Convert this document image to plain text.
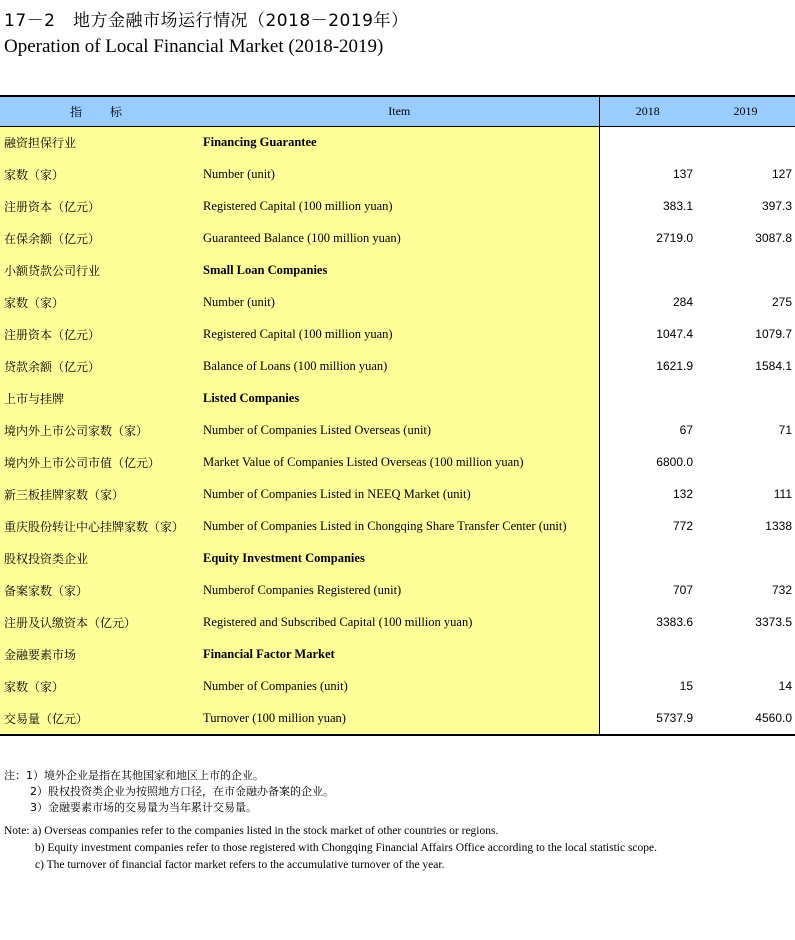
17－2　地方金融市场运行情况（2018－2019年）
Operation of Local Financial Market (2018-2019)
指　标	Item	2018	2019
融资担保行业	Financing Guarantee		
家数（家）	Number (unit)	137	127
注册资本（亿元）	Registered Capital (100 million yuan)	383.1	397.3
在保余额（亿元）	Guaranteed Balance (100 million yuan)	2719.0	3087.8
小额贷款公司行业	Small Loan Companies		
家数（家）	Number (unit)	284	275
注册资本（亿元）	Registered Capital (100 million yuan)	1047.4	1079.7
贷款余额（亿元）	Balance of Loans (100 million yuan)	1621.9	1584.1
上市与挂牌	Listed Companies		
境内外上市公司家数（家）	Number of Companies Listed Overseas (unit)	67	71
境内外上市公司市值（亿元）	Market Value of Companies Listed Overseas (100 million yuan)	6800.0	
新三板挂牌家数（家）	Number of Companies Listed in NEEQ Market (unit)	132	111
重庆股份转让中心挂牌家数（家）	Number of Companies Listed in Chongqing Share Transfer Center (unit)	772	1338
股权投资类企业	Equity Investment Companies		
备案家数（家）	Numberof Companies Registered (unit)	707	732
注册及认缴资本（亿元）	Registered and Subscribed Capital (100 million yuan)	3383.6	3373.5
金融要素市场	Financial Factor Market		
家数（家）	Number of Companies (unit)	15	14
交易量（亿元）	Turnover (100 million yuan)	5737.9	4560.0
注：1）境外企业是指在其他国家和地区上市的企业。
2）股权投资类企业为按照地方口径，在市金融办备案的企业。
3）金融要素市场的交易量为当年累计交易量。
Note: a) Overseas companies refer to the companies listed in the stock market of other countries or regions.
b) Equity investment companies refer to those registered with Chongqing Financial Affairs Office according to the local statistic scope.
c) The turnover of financial factor market refers to the accumulative turnover of the year.
